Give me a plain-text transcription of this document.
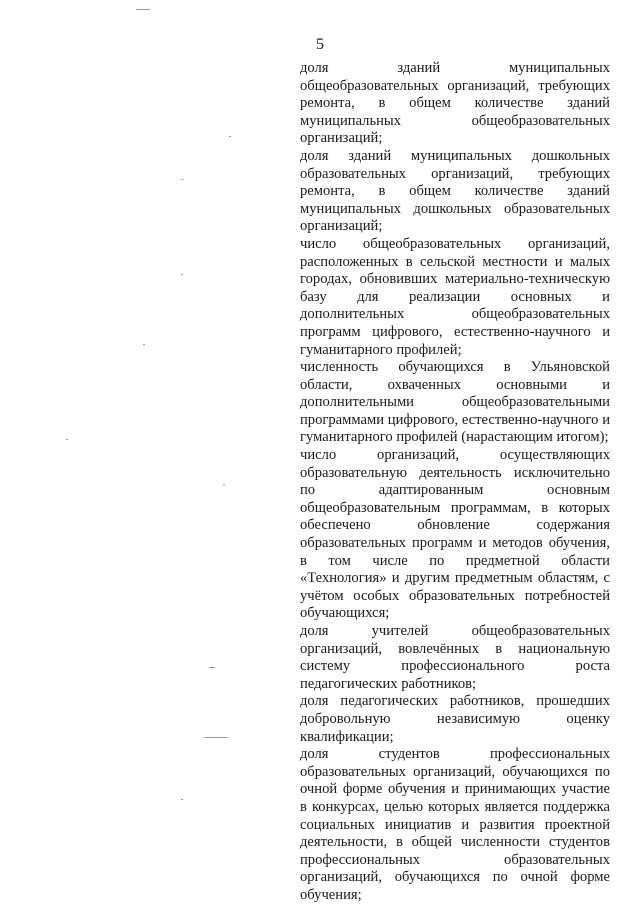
5

доля зданий муниципальных общеобразовательных организаций, требующих ремонта, в общем количестве зданий муниципальных общеобразовательных организаций;

доля зданий муниципальных дошкольных образовательных организаций, требующих ремонта, в общем количестве зданий муниципальных дошкольных образовательных организаций;

число общеобразовательных организаций, расположенных в сельской местности и малых городах, обновивших материально-техническую базу для реализации основных и дополнительных общеобразовательных программ цифрового, естественно-научного и гуманитарного профилей;

численность обучающихся в Ульяновской области, охваченных основными и дополнительными общеобразовательными программами цифрового, естественно-научного и гуманитарного профилей (нарастающим итогом);

число организаций, осуществляющих образовательную деятельность исключительно по адаптированным основным общеобразовательным программам, в которых обеспечено обновление содержания образовательных программ и методов обучения, в том числе по предметной области «Технология» и другим предметным областям, с учётом особых образовательных потребностей обучающихся;

доля учителей общеобразовательных организаций, вовлечённых в национальную систему профессионального роста педагогических работников;

доля педагогических работников, прошедших добровольную независимую оценку квалификации;

доля студентов профессиональных образовательных организаций, обучающихся по очной форме обучения и принимающих участие в конкурсах, целью которых является поддержка социальных инициатив и развития проектной деятельности, в общей численности студентов профессиональных образовательных организаций, обучающихся по очной форме обучения;
